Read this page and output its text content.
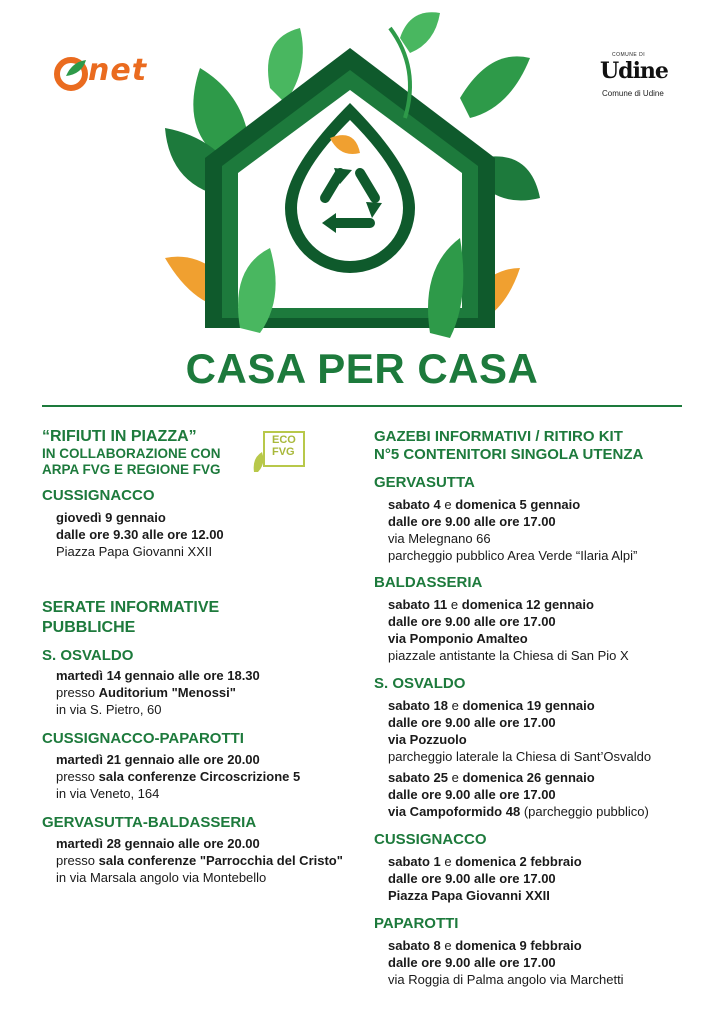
net	COMUNE DI
Udine
Comune di Udine
CASA PER CASA
“RIFIUTI IN PIAZZA”
IN COLLABORAZIONE CON
ARPA FVG E REGIONE FVG
ECO
FVG
CUSSIGNACCO
giovedì 9 gennaio
dalle ore 9.30 alle ore 12.00
Piazza Papa Giovanni XXII
SERATE INFORMATIVE
PUBBLICHE
S. OSVALDO
martedì 14 gennaio alle ore 18.30
presso Auditorium "Menossi"
in via S. Pietro, 60
CUSSIGNACCO-PAPAROTTI
martedì 21 gennaio alle ore 20.00
presso sala conferenze Circoscrizione 5
in via Veneto, 164
GERVASUTTA-BALDASSERIA
martedì 28 gennaio alle ore 20.00
presso sala conferenze "Parrocchia del Cristo"
in via Marsala angolo via Montebello
GAZEBI INFORMATIVI / RITIRO KIT
N°5 CONTENITORI SINGOLA UTENZA
GERVASUTTA
sabato 4 e domenica 5 gennaio
dalle ore 9.00 alle ore 17.00
via Melegnano 66
parcheggio pubblico Area Verde “Ilaria Alpi”
BALDASSERIA
sabato 11 e domenica 12 gennaio
dalle ore 9.00 alle ore 17.00
via Pomponio Amalteo
piazzale antistante la Chiesa di San Pio X
S. OSVALDO
sabato 18 e domenica 19 gennaio
dalle ore 9.00 alle ore 17.00
via Pozzuolo
parcheggio laterale la Chiesa di Sant’Osvaldo
sabato 25 e domenica 26 gennaio
dalle ore 9.00 alle ore 17.00
via Campoformido 48 (parcheggio pubblico)
CUSSIGNACCO
sabato 1 e domenica 2 febbraio
dalle ore 9.00 alle ore 17.00
Piazza Papa Giovanni XXII
PAPAROTTI
sabato 8 e domenica 9 febbraio
dalle ore 9.00 alle ore 17.00
via Roggia di Palma angolo via Marchetti
